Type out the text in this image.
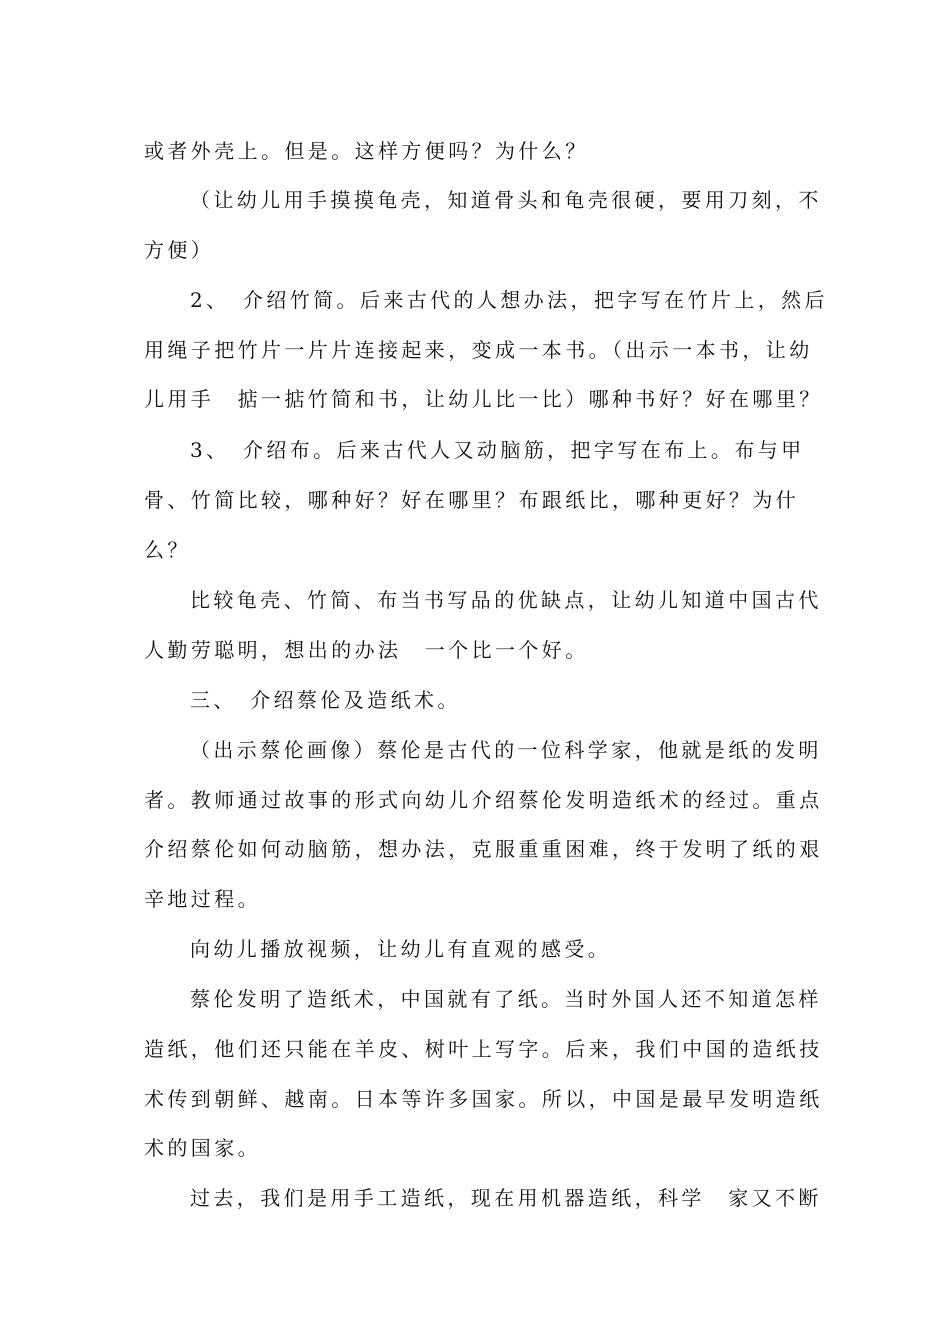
或者外壳上。但是。这样方便吗？为什么？
（让幼儿用手摸摸龟壳，知道骨头和龟壳很硬，要用刀刻，不
方便）
2、　介绍竹简。后来古代的人想办法，把字写在竹片上，然后
用绳子把竹片一片片连接起来，变成一本书。（出示一本书，让幼
儿用手　掂一掂竹简和书，让幼儿比一比）哪种书好？好在哪里？
3、　介绍布。后来古代人又动脑筋，把字写在布上。布与甲
骨、竹简比较，哪种好？好在哪里？布跟纸比，哪种更好？为什
么？
比较龟壳、竹简、布当书写品的优缺点，让幼儿知道中国古代
人勤劳聪明，想出的办法　一个比一个好。
三、　介绍蔡伦及造纸术。
（出示蔡伦画像）蔡伦是古代的一位科学家，他就是纸的发明
者。教师通过故事的形式向幼儿介绍蔡伦发明造纸术的经过。重点
介绍蔡伦如何动脑筋，想办法，克服重重困难，终于发明了纸的艰
辛地过程。
向幼儿播放视频，让幼儿有直观的感受。
蔡伦发明了造纸术，中国就有了纸。当时外国人还不知道怎样
造纸，他们还只能在羊皮、树叶上写字。后来，我们中国的造纸技
术传到朝鲜、越南。日本等许多国家。所以，中国是最早发明造纸
术的国家。
过去，我们是用手工造纸，现在用机器造纸，科学　家又不断
